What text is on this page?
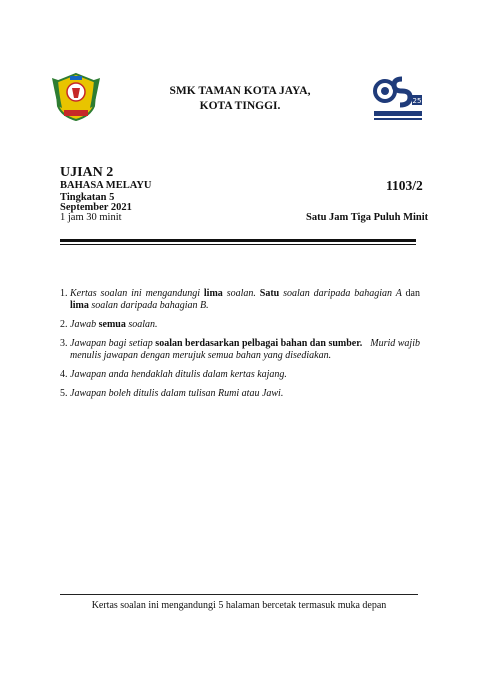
SMK TAMAN KOTA JAYA,
KOTA TINGGI.	25
UJIAN 2
BAHASA MELAYU	1103/2
Tingkatan 5
September 2021
1 jam 30 minit	Satu Jam Tiga Puluh Minit
1. Kertas soalan ini mengandungi lima soalan. Satu soalan daripada bahagian A dan lima soalan daripada bahagian B.
2. Jawab semua soalan.
3. Jawapan bagi setiap soalan berdasarkan pelbagai bahan dan sumber. Murid wajib menulis jawapan dengan merujuk semua bahan yang disediakan.
4. Jawapan anda hendaklah ditulis dalam kertas kajang.
5. Jawapan boleh ditulis dalam tulisan Rumi atau Jawi.
Kertas soalan ini mengandungi 5 halaman bercetak termasuk muka depan
